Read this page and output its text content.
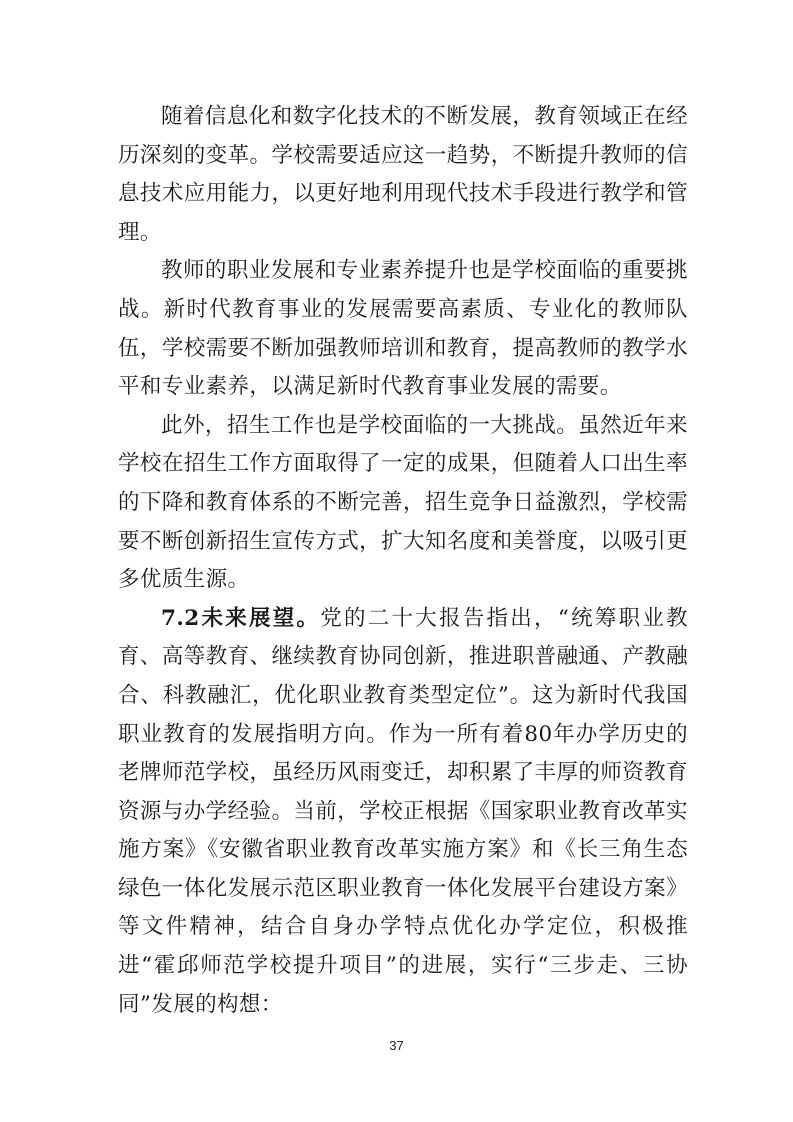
随着信息化和数字化技术的不断发展，教育领域正在经历深刻的变革。学校需要适应这一趋势，不断提升教师的信息技术应用能力，以更好地利用现代技术手段进行教学和管理。

教师的职业发展和专业素养提升也是学校面临的重要挑战。新时代教育事业的发展需要高素质、专业化的教师队伍，学校需要不断加强教师培训和教育，提高教师的教学水平和专业素养，以满足新时代教育事业发展的需要。

此外，招生工作也是学校面临的一大挑战。虽然近年来学校在招生工作方面取得了一定的成果，但随着人口出生率的下降和教育体系的不断完善，招生竞争日益激烈，学校需要不断创新招生宣传方式，扩大知名度和美誉度，以吸引更多优质生源。

7.2未来展望。党的二十大报告指出，“统筹职业教育、高等教育、继续教育协同创新，推进职普融通、产教融合、科教融汇，优化职业教育类型定位”。这为新时代我国职业教育的发展指明方向。作为一所有着80年办学历史的老牌师范学校，虽经历风雨变迁，却积累了丰厚的师资教育资源与办学经验。当前，学校正根据《国家职业教育改革实施方案》《安徽省职业教育改革实施方案》和《长三角生态绿色一体化发展示范区职业教育一体化发展平台建设方案》等文件精神，结合自身办学特点优化办学定位，积极推进“霍邱师范学校提升项目”的进展，实行“三步走、三协同”发展的构想：

37
